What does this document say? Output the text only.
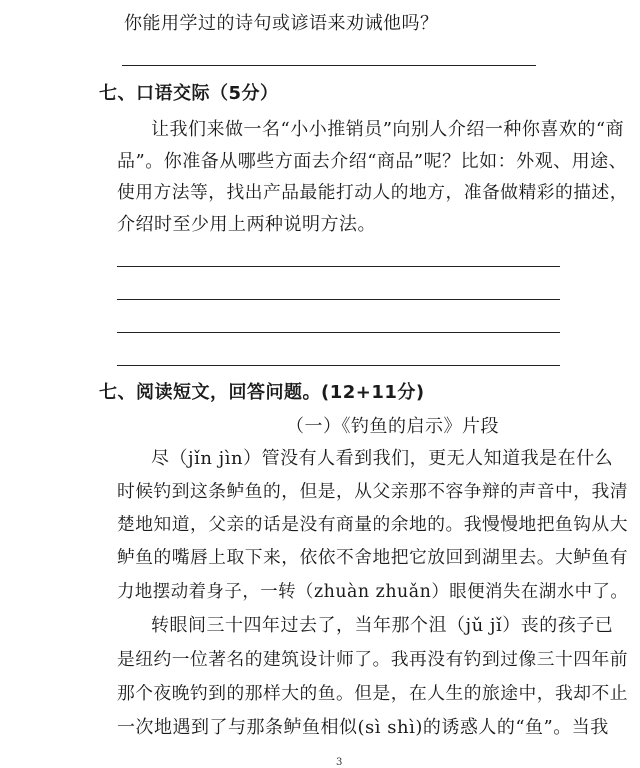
你能用学过的诗句或谚语来劝诫他吗？
七、口语交际（5分）
让我们来做一名“小小推销员”向别人介绍一种你喜欢的“商
品”。你准备从哪些方面去介绍“商品”呢？比如：外观、用途、
使用方法等，找出产品最能打动人的地方，准备做精彩的描述，
介绍时至少用上两种说明方法。
七、阅读短文，回答问题。(12+11分)
（一）《钓鱼的启示》片段
尽（jǐn jìn）管没有人看到我们，更无人知道我是在什么
时候钓到这条鲈鱼的，但是，从父亲那不容争辩的声音中，我清
楚地知道，父亲的话是没有商量的余地的。我慢慢地把鱼钩从大
鲈鱼的嘴唇上取下来，依依不舍地把它放回到湖里去。大鲈鱼有
力地摆动着身子，一转（zhuàn zhuǎn）眼便消失在湖水中了。
转眼间三十四年过去了，当年那个沮（jǔ jǐ）丧的孩子已
是纽约一位著名的建筑设计师了。我再没有钓到过像三十四年前
那个夜晚钓到的那样大的鱼。但是，在人生的旅途中，我却不止
一次地遇到了与那条鲈鱼相似(sì shì)的诱惑人的“鱼”。当我
3
